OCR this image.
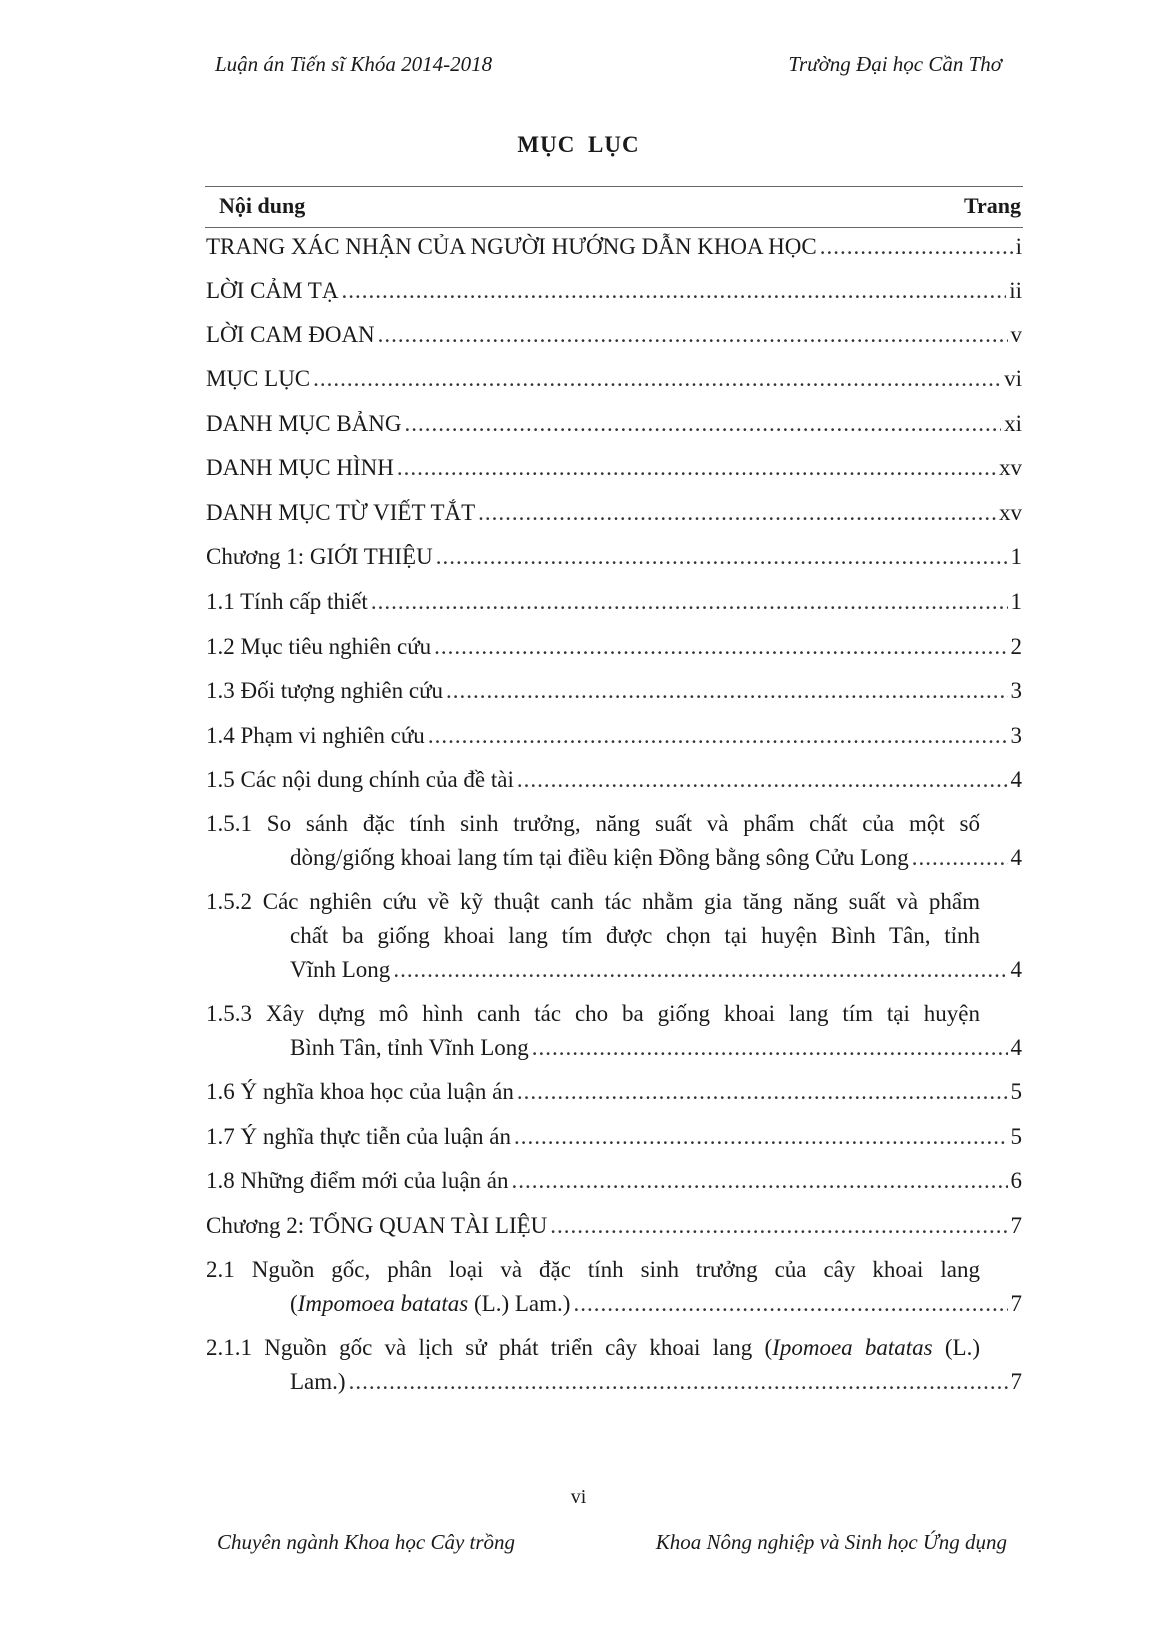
Luận án Tiến sĩ Khóa 2014-2018	Trường Đại học Cần Thơ
MỤC LỤC
Nội dung	Trang
TRANG XÁC NHẬN CỦA NGƯỜI HƯỚNG DẪN KHOA HỌC .....	i
LỜI CẢM TẠ .....	ii
LỜI CAM ĐOAN .....	v
MỤC LỤC .....	vi
DANH MỤC BẢNG .....	xi
DANH MỤC HÌNH .....	xv
DANH MỤC TỪ VIẾT TẮT .....	xv
Chương 1: GIỚI THIỆU .....	1
1.1 Tính cấp thiết .....	1
1.2 Mục tiêu nghiên cứu .....	2
1.3 Đối tượng nghiên cứu .....	3
1.4 Phạm vi nghiên cứu .....	3
1.5 Các nội dung chính của đề tài .....	4
1.5.1 So sánh đặc tính sinh trưởng, năng suất và phẩm chất của một số
dòng/giống khoai lang tím tại điều kiện Đồng bằng sông Cửu Long .....	4
1.5.2 Các nghiên cứu về kỹ thuật canh tác nhằm gia tăng năng suất và phẩm
chất ba giống khoai lang tím được chọn tại huyện Bình Tân, tỉnh
Vĩnh Long .....	4
1.5.3 Xây dựng mô hình canh tác cho ba giống khoai lang tím tại huyện
Bình Tân, tỉnh Vĩnh Long .....	4
1.6 Ý nghĩa khoa học của luận án .....	5
1.7 Ý nghĩa thực tiễn của luận án .....	5
1.8 Những điểm mới của luận án .....	6
Chương 2: TỔNG QUAN TÀI LIỆU .....	7
2.1 Nguồn gốc, phân loại và đặc tính sinh trưởng của cây khoai lang
(Impomoea batatas (L.) Lam.) .....	7
2.1.1 Nguồn gốc và lịch sử phát triển cây khoai lang (Ipomoea batatas (L.)
Lam.) .....	7
vi
Chuyên ngành Khoa học Cây trồng	Khoa Nông nghiệp và Sinh học Ứng dụng
